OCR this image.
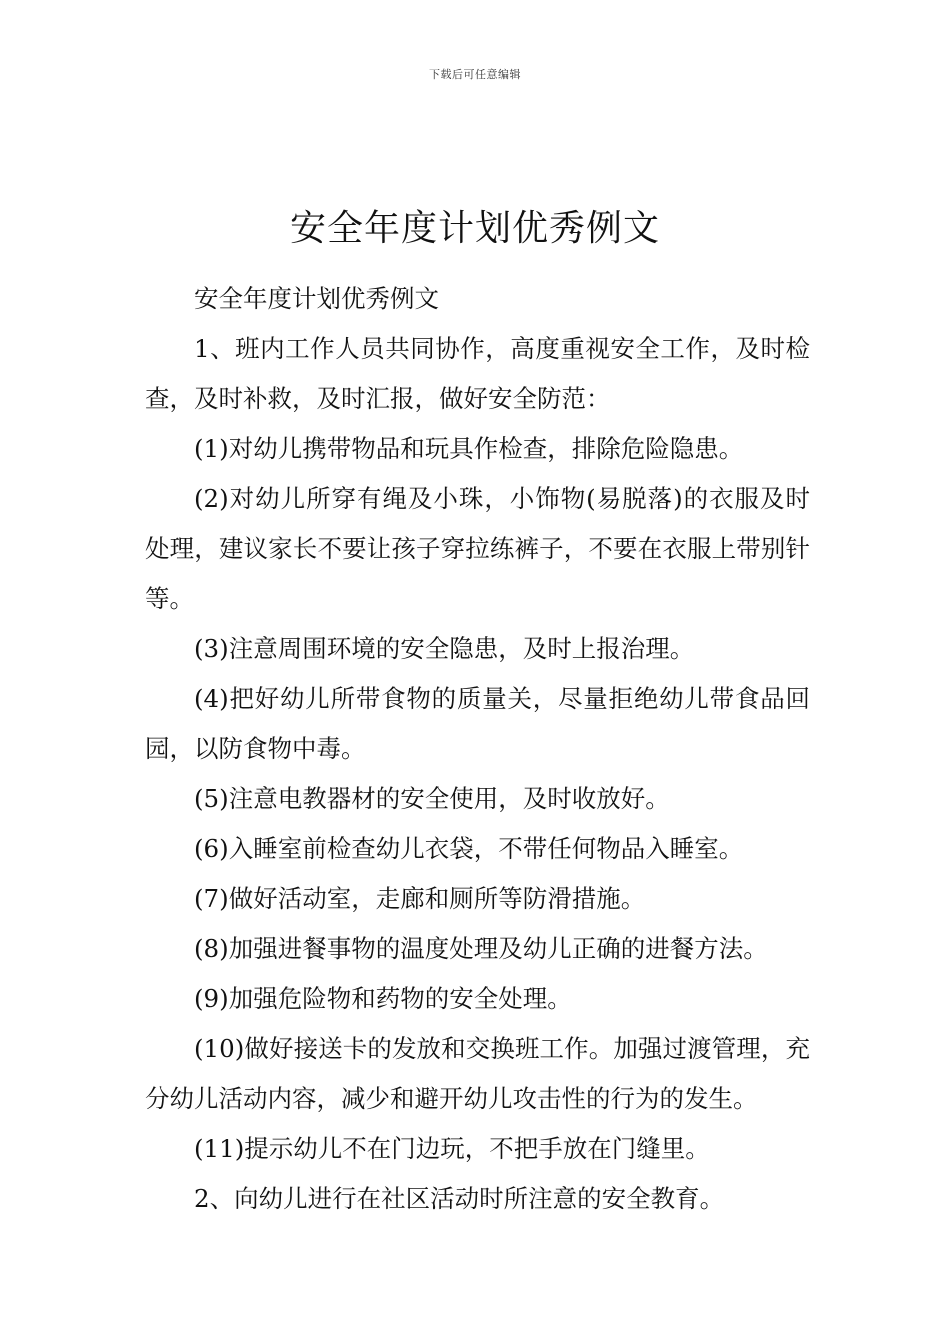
下载后可任意编辑
安全年度计划优秀例文

安全年度计划优秀例文

1、班内工作人员共同协作，高度重视安全工作，及时检查，及时补救，及时汇报，做好安全防范：

(1)对幼儿携带物品和玩具作检查，排除危险隐患。

(2)对幼儿所穿有绳及小珠，小饰物(易脱落)的衣服及时处理，建议家长不要让孩子穿拉练裤子，不要在衣服上带别针等。

(3)注意周围环境的安全隐患，及时上报治理。

(4)把好幼儿所带食物的质量关，尽量拒绝幼儿带食品回园，以防食物中毒。

(5)注意电教器材的安全使用，及时收放好。

(6)入睡室前检查幼儿衣袋，不带任何物品入睡室。

(7)做好活动室，走廊和厕所等防滑措施。

(8)加强进餐事物的温度处理及幼儿正确的进餐方法。

(9)加强危险物和药物的安全处理。

(10)做好接送卡的发放和交换班工作。加强过渡管理，充分幼儿活动内容，减少和避开幼儿攻击性的行为的发生。

(11)提示幼儿不在门边玩，不把手放在门缝里。

2、向幼儿进行在社区活动时所注意的安全教育。
